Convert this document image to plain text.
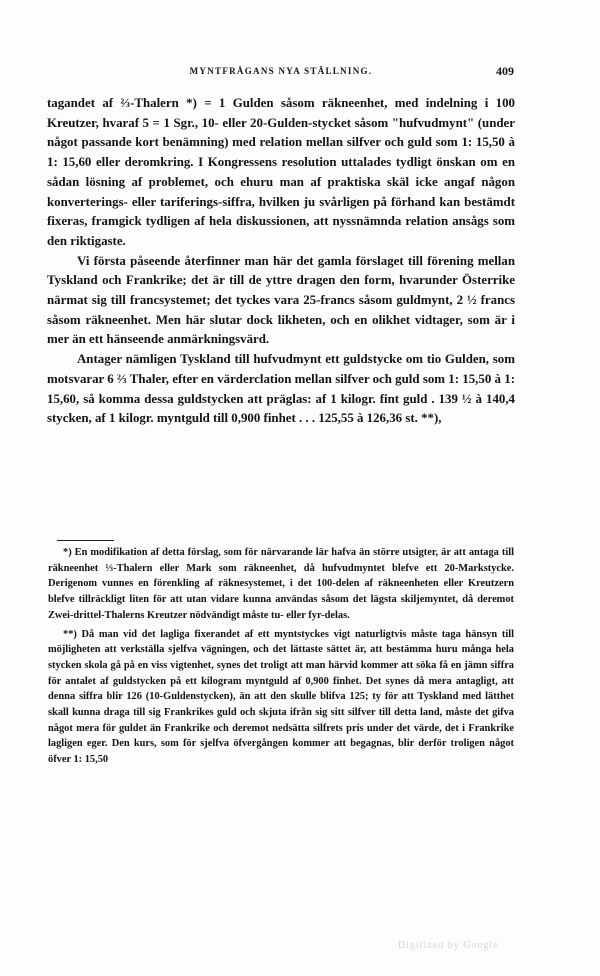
MYNTFRÅGANS NYA STÄLLNING.	409

tagandet af ⅔-Thalern *) = 1 Gulden såsom räkneenhet, med indelning i 100 Kreutzer, hvaraf 5 = 1 Sgr., 10- eller 20-Gulden-stycket såsom "hufvudmynt" (under något passande kort benämning) med relation mellan silfver och guld som 1: 15,50 à 1: 15,60 eller deromkring. I Kongressens resolution uttalades tydligt önskan om en sådan lösning af problemet, och ehuru man af praktiska skäl icke angaf någon konverterings- eller tariferings-siffra, hvilken ju svårligen på förhand kan bestämdt fixeras, framgick tydligen af hela diskussionen, att nyssnämnda relation ansågs som den riktigaste.

Vi första påseende återfinner man här det gamla förslaget till förening mellan Tyskland och Frankrike; det är till de yttre dragen den form, hvarunder Österrike närmat sig till francsystemet; det tyckes vara 25-francs såsom guldmynt, 2 ½ francs såsom räkneenhet. Men här slutar dock likheten, och en olikhet vidtager, som är i mer än ett hänseende anmärkningsvärd.

Antager nämligen Tyskland till hufvudmynt ett guldstycke om tio Gulden, som motsvarar 6 ⅔ Thaler, efter en värderclation mellan silfver och guld som 1: 15,50 à 1: 15,60, så komma dessa guldstycken att präglas: af 1 kilogr. fint guld . 139 ½ à 140,4 stycken, af 1 kilogr. myntguld till 0,900 finhet . . . 125,55 à 126,36 st. **),

*) En modifikation af detta förslag, som för närvarande lär hafva än större utsigter, är att antaga till räkneenhet ⅓-Thalern eller Mark som räkneenhet, då hufvudmyntet blefve ett 20-Markstycke. Derigenom vunnes en förenkling af räknesystemet, i det 100-delen af räkneenheten eller Kreutzern blefve tillräckligt liten för att utan vidare kunna användas såsom det lägsta skiljemyntet, då deremot Zwei-drittel-Thalerns Kreutzer nödvändigt måste tu- eller fyr-delas.

**) Då man vid det lagliga fixerandet af ett myntstyckes vigt naturligtvis måste taga hänsyn till möjligheten att verkställa sjelfva vägningen, och det lättaste sättet är, att bestämma huru många hela stycken skola gå på en viss vigtenhet, synes det troligt att man härvid kommer att söka få en jämn siffra för antalet af guldstycken på ett kilogram myntguld af 0,900 finhet. Det synes då mera antagligt, att denna siffra blir 126 (10-Guldenstycken), än att den skulle blifva 125; ty för att Tyskland med lätthet skall kunna draga till sig Frankrikes guld och skjuta ifrån sig sitt silfver till detta land, måste det gifva något mera för guldet än Frankrike och deremot nedsätta silfrets pris under det värde, det i Frankrike lagligen eger. Den kurs, som för sjelfva öfvergången kommer att begagnas, blir derför troligen något öfver 1: 15,50

Digitized by Google
